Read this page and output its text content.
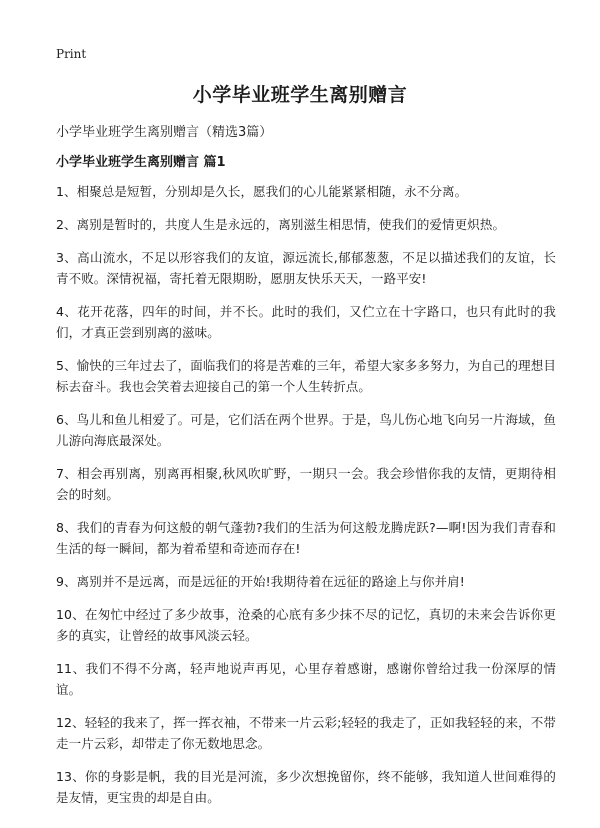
Print
小学毕业班学生离别赠言
小学毕业班学生离别赠言（精选3篇）
小学毕业班学生离别赠言 篇1
1、相聚总是短暂，分别却是久长，愿我们的心儿能紧紧相随，永不分离。
2、离别是暂时的，共度人生是永远的，离别滋生相思情，使我们的爱情更炽热。
3、高山流水，不足以形容我们的友谊，源远流长,郁郁葱葱，不足以描述我们的友谊，长青不败。深情祝福，寄托着无限期盼，愿朋友快乐天天，一路平安!
4、花开花落，四年的时间，并不长。此时的我们，又伫立在十字路口，也只有此时的我们，才真正尝到别离的滋味。
5、愉快的三年过去了，面临我们的将是苦难的三年，希望大家多多努力，为自己的理想目标去奋斗。我也会笑着去迎接自己的第一个人生转折点。
6、鸟儿和鱼儿相爱了。可是，它们活在两个世界。于是，鸟儿伤心地飞向另一片海域，鱼儿游向海底最深处。
7、相会再别离，别离再相聚,秋风吹旷野，一期只一会。我会珍惜你我的友情，更期待相会的时刻。
8、我们的青春为何这般的朝气蓬勃?我们的生活为何这般龙腾虎跃?—啊!因为我们青春和生活的每一瞬间，都为着希望和奇迹而存在!
9、离别并不是远离，而是远征的开始!我期待着在远征的路途上与你并肩!
10、在匆忙中经过了多少故事，沧桑的心底有多少抹不尽的记忆，真切的未来会告诉你更多的真实，让曾经的故事风淡云轻。
11、我们不得不分离，轻声地说声再见，心里存着感谢，感谢你曾给过我一份深厚的情谊。
12、轻轻的我来了，挥一挥衣袖，不带来一片云彩;轻轻的我走了，正如我轻轻的来，不带走一片云彩，却带走了你无数地思念。
13、你的身影是帆，我的目光是河流，多少次想挽留你，终不能够，我知道人世间难得的是友情，更宝贵的却是自由。
